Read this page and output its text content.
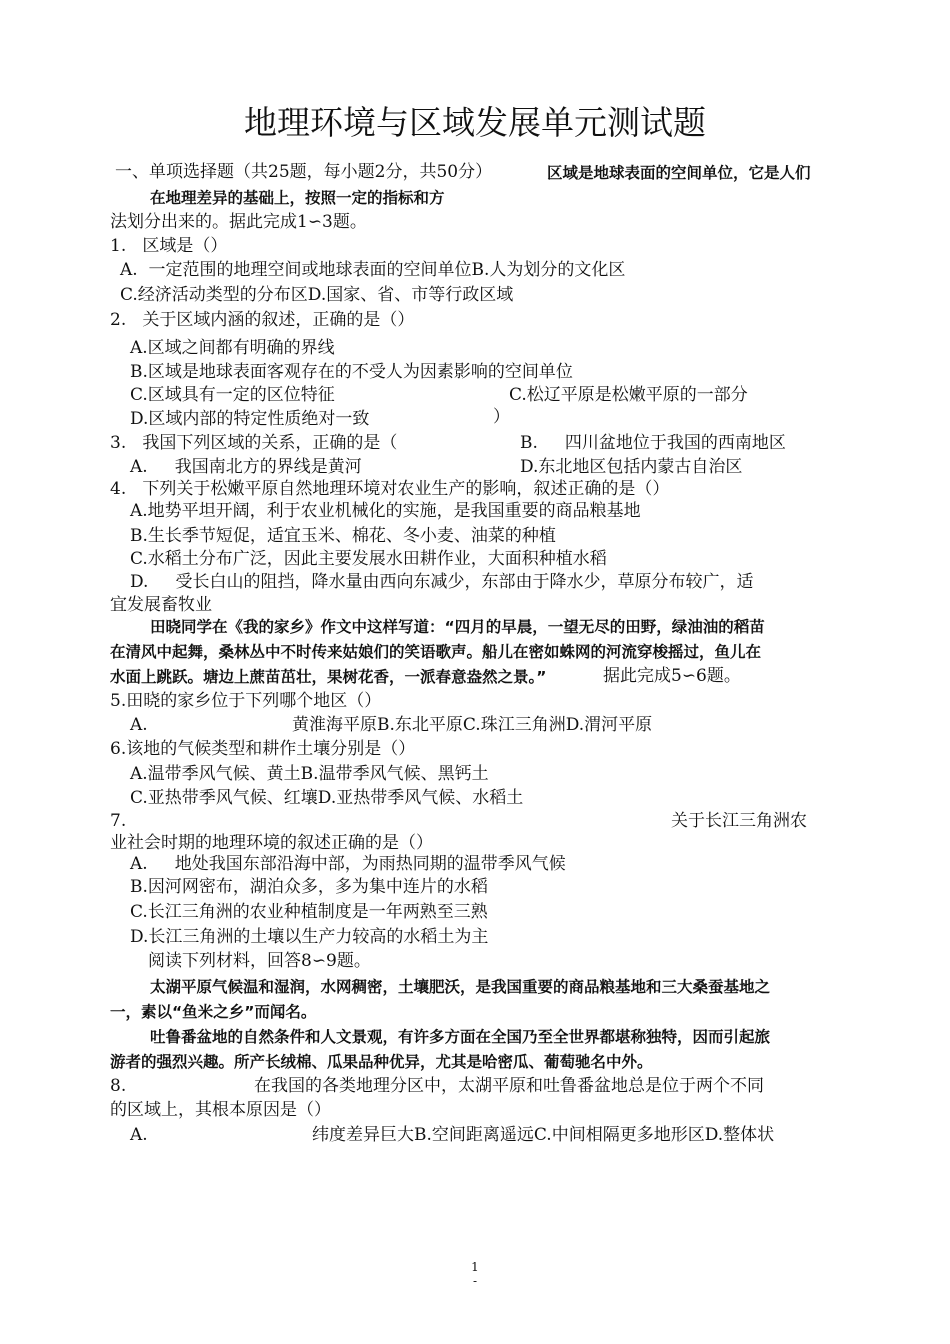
地理环境与区域发展单元测试题
一、单项选择题（共25题，每小题2分，共50分）	区域是地球表面的空间单位，它是人们
在地理差异的基础上，按照一定的指标和方
法划分出来的。据此完成1∽3题。
1.   区域是（）
A.  一定范围的地理空间或地球表面的空间单位B.人为划分的文化区
C.经济活动类型的分布区D.国家、省、市等行政区域
2.   关于区域内涵的叙述，正确的是（）
A.区域之间都有明确的界线
B.区域是地球表面客观存在的不受人为因素影响的空间单位
C.区域具有一定的区位特征	C.松辽平原是松嫩平原的一部分
D.区域内部的特定性质绝对一致	）
3.   我国下列区域的关系，正确的是（	B.     四川盆地位于我国的西南地区
A.     我国南北方的界线是黄河	D.东北地区包括内蒙古自治区
4.   下列关于松嫩平原自然地理环境对农业生产的影响，叙述正确的是（）
A.地势平坦开阔，利于农业机械化的实施，是我国重要的商品粮基地
B.生长季节短促，适宜玉米、棉花、冬小麦、油菜的种植
C.水稻土分布广泛，因此主要发展水田耕作业，大面积种植水稻
D.     受长白山的阻挡，降水量由西向东减少，东部由于降水少，草原分布较广，适
宜发展畜牧业
田晓同学在《我的家乡》作文中这样写道：“四月的早晨，一望无尽的田野，绿油油的稻苗
在清风中起舞，桑林丛中不时传来姑娘们的笑语歌声。船儿在密如蛛网的河流穿梭摇过，鱼儿在
水面上跳跃。塘边上蔗苗茁壮，果树花香，一派春意盎然之景。”	据此完成5∽6题。
5.田晓的家乡位于下列哪个地区（）
A.	黄淮海平原B.东北平原C.珠江三角洲D.渭河平原
6.该地的气候类型和耕作土壤分别是（）
A.温带季风气候、黄土B.温带季风气候、黑钙土
C.亚热带季风气候、红壤D.亚热带季风气候、水稻土
7.	关于长江三角洲农
业社会时期的地理环境的叙述正确的是（）
A.     地处我国东部沿海中部，为雨热同期的温带季风气候
B.因河网密布，湖泊众多，多为集中连片的水稻
C.长江三角洲的农业种植制度是一年两熟至三熟
D.长江三角洲的土壤以生产力较高的水稻土为主
阅读下列材料，回答8∽9题。
太湖平原气候温和湿润，水网稠密，土壤肥沃，是我国重要的商品粮基地和三大桑蚕基地之
一，素以“鱼米之乡”而闻名。
吐鲁番盆地的自然条件和人文景观，有许多方面在全国乃至全世界都堪称独特，因而引起旅
游者的强烈兴趣。所产长绒棉、瓜果品种优异，尤其是哈密瓜、葡萄驰名中外。
8.	在我国的各类地理分区中，太湖平原和吐鲁番盆地总是位于两个不同
的区域上，其根本原因是（）
A.	纬度差异巨大B.空间距离遥远C.中间相隔更多地形区D.整体状
1
-
